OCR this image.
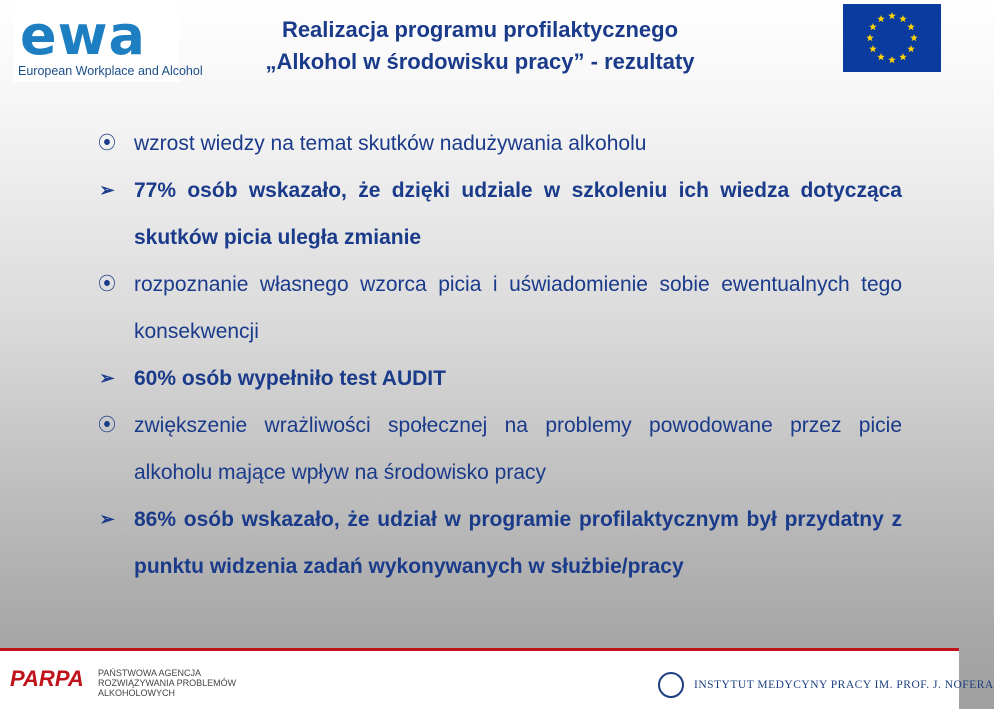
ewa
European Workplace and Alcohol
Realizacja programu profilaktycznego
„Alkohol w środowisku pracy” - rezultaty
⦿ wzrost wiedzy na temat skutków nadużywania alkoholu
➢ 77% osób wskazało, że dzięki udziale w szkoleniu ich wiedza dotycząca skutków picia uległa zmianie
⦿ rozpoznanie własnego wzorca picia i uświadomienie sobie ewentualnych tego konsekwencji
➢ 60% osób wypełniło test AUDIT
⦿ zwiększenie wrażliwości społecznej na problemy powodowane przez picie alkoholu mające wpływ na środowisko pracy
➢ 86% osób wskazało, że udział w programie profilaktycznym był przydatny z punktu widzenia zadań wykonywanych w służbie/pracy
PARPA PAŃSTWOWA AGENCJA ROZWIĄZYWANIA PROBLEMÓW ALKOHOLOWYCH
INSTYTUT MEDYCYNY PRACY IM. PROF. J. NOFERA
